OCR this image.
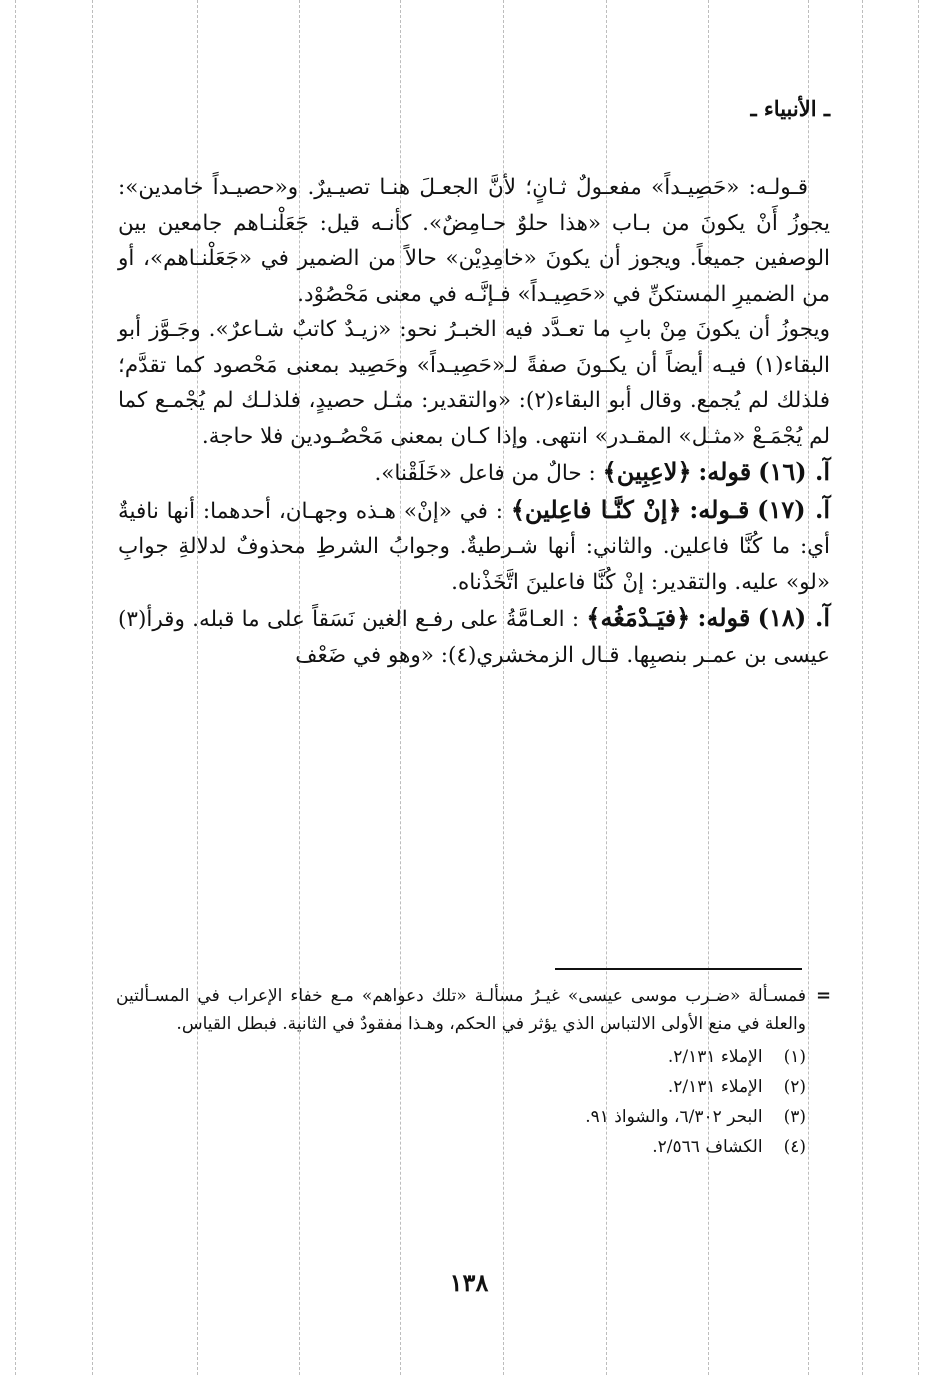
ـ الأنبياء ـ

قـولـه: «حَصِيـداً» مفعـولٌ ثـانٍ؛ لأنَّ الجعـلَ هنـا تصيـيرٌ. و«حصيـداً خامدين»: يجوزُ أَنْ يكونَ من بـاب «هذا حلوٌ حـامِضٌ». كأنـه قيل: جَعَلْنـاهم جامعين بين الوصفين جميعاً. ويجوز أن يكونَ «خامِدِيْن» حالاً من الضمير في «جَعَلْنـاهم»، أو من الضميرِ المستكنِّ في «حَصِيـداً» فـإنَّـه في معنى مَحْصُوْد.

ويجوزُ أن يكونَ مِنْ بابِ ما تعـدَّد فيه الخبـرُ نحو: «زيـدٌ كاتبٌ شـاعرٌ». وجَـوَّز أبو البقاء(١) فيـه أيضاً أن يكـونَ صفةً لـ«حَصِيـداً» وحَصِيد بمعنى مَحْصود كما تقدَّم؛ فلذلك لم يُجمع. وقال أبو البقاء(٢): «والتقدير: مثـل حصيدٍ، فلذلـك لم يُجْمـع كما لم يُجْمَـعْ «مثـل» المقـدر» انتهى. وإذا كـان بمعنى مَحْصُـودين فلا حاجة.

آ. (١٦) قوله: ﴿لاعِبِين﴾ : حالٌ من فاعل «خَلَقْنا».

آ. (١٧) قـوله: ﴿إنْ كنَّـا فاعِلين﴾ : في «إنْ» هـذه وجهـان، أحدهما: أنها نافيةٌ أي: ما كُنَّا فاعلين. والثاني: أنها شـرطيةٌ. وجوابُ الشرطِ محذوفٌ لدلالةِ جوابِ «لو» عليه. والتقدير: إنْ كُنَّا فاعلينَ اتَّخَذْناه.

آ. (١٨) قوله: ﴿فيَـدْمَغُه﴾ : العـامَّةُ على رفـع الغين نَسَقاً على ما قبله. وقرأ(٣) عيسى بن عمـر بنصبِها. قـال الزمخشري(٤): «وهو في ضَعْف

=

فمسـألة «ضـرب موسى عيسى» غيـرُ مسألـة «تلك دعواهم» مـع خفاء الإعراب في المسـألتين والعلة في منع الأولى الالتباس الذي يؤثر في الحكم، وهـذا مفقودٌ في الثانية. فبطل القياس.

(١) الإملاء ٢/١٣١.
(٢) الإملاء ٢/١٣١.
(٣) البحر ٦/٣٠٢، والشواذ ٩١.
(٤) الكشاف ٢/٥٦٦.
١٣٨
